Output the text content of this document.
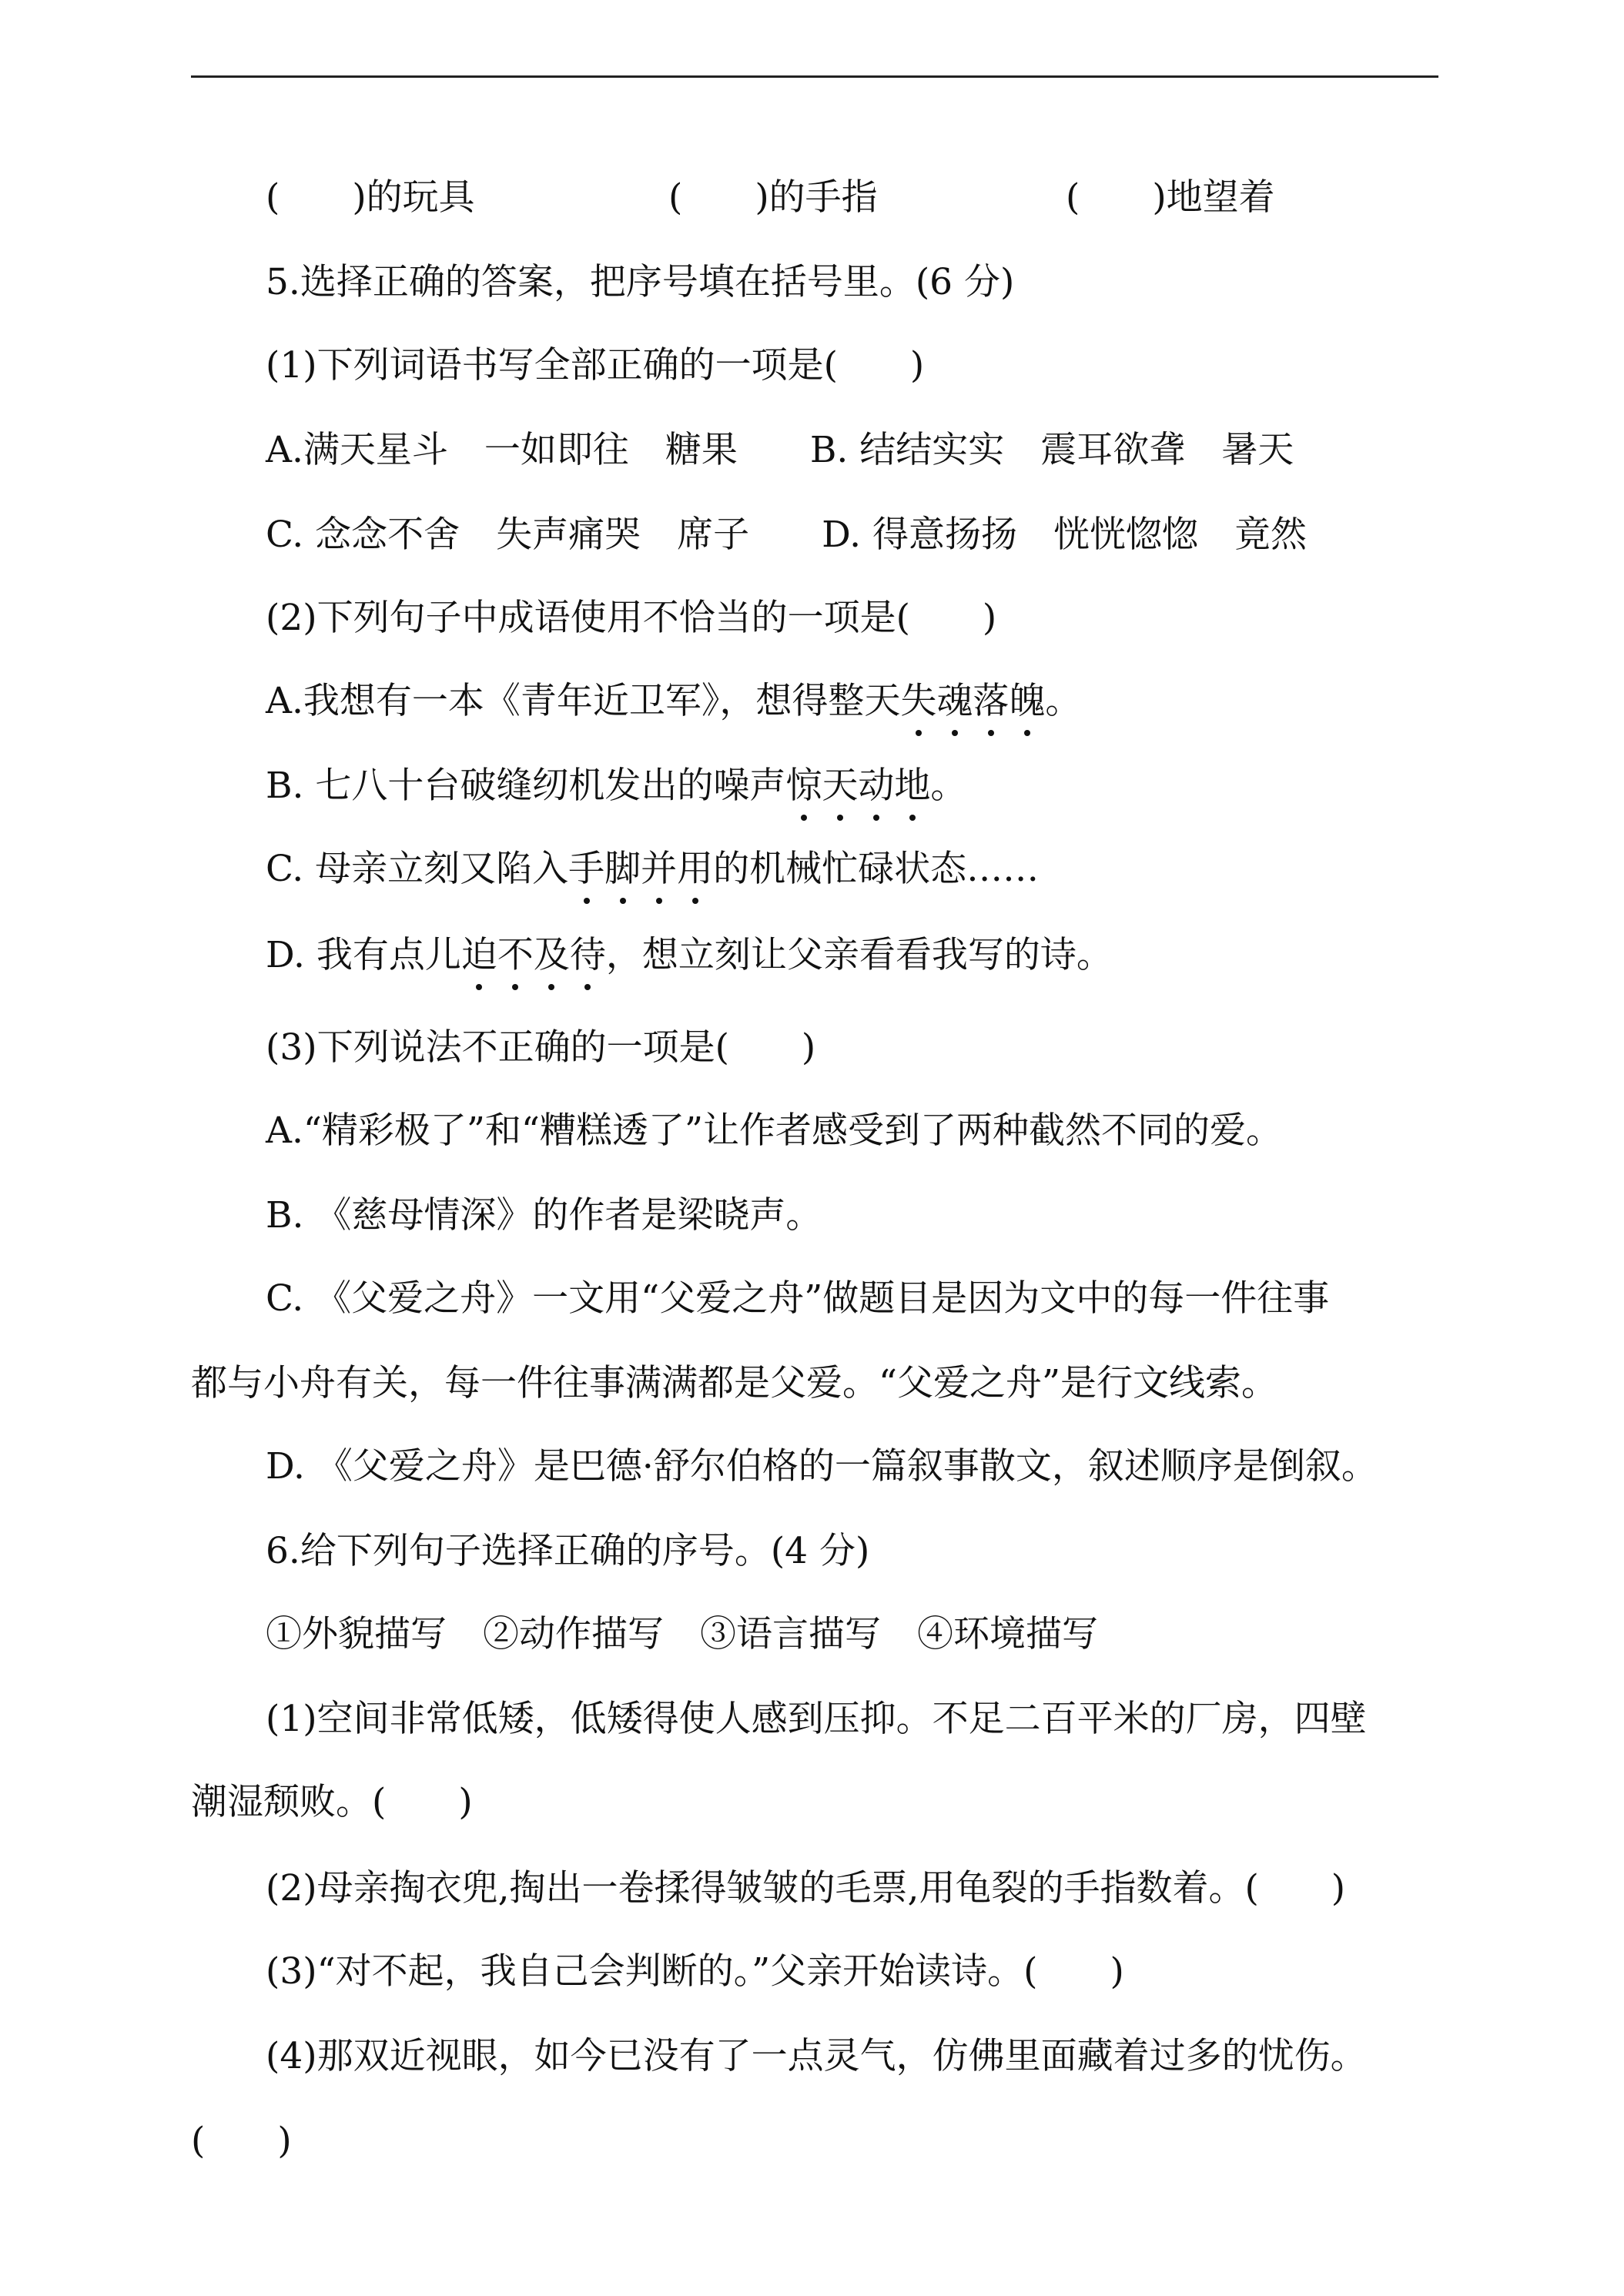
(　　)的玩具	(　　)的手指	(　　)地望着
5.选择正确的答案，把序号填在括号里。(6 分)
(1)下列词语书写全部正确的一项是(　　)
A.满天星斗　一如即往　糖果　　B. 结结实实　震耳欲聋　暑天
C. 念念不舍　失声痛哭　席子　　D. 得意扬扬　恍恍惚惚　竟然
(2)下列句子中成语使用不恰当的一项是(　　)
A.我想有一本《青年近卫军》，想得整天失魂落魄。
B. 七八十台破缝纫机发出的噪声惊天动地。
C. 母亲立刻又陷入手脚并用的机械忙碌状态……
D. 我有点儿迫不及待，想立刻让父亲看看我写的诗。
(3)下列说法不正确的一项是(　　)
A.“精彩极了”和“糟糕透了”让作者感受到了两种截然不同的爱。
B. 《慈母情深》的作者是梁晓声。
C. 《父爱之舟》一文用“父爱之舟”做题目是因为文中的每一件往事
都与小舟有关，每一件往事满满都是父爱。“父爱之舟”是行文线索。
D. 《父爱之舟》是巴德·舒尔伯格的一篇叙事散文，叙述顺序是倒叙。
6.给下列句子选择正确的序号。(4 分)
①外貌描写　②动作描写　③语言描写　④环境描写
(1)空间非常低矮，低矮得使人感到压抑。不足二百平米的厂房，四壁
潮湿颓败。(　　)
(2)母亲掏衣兜,掏出一卷揉得皱皱的毛票,用龟裂的手指数着。(　　)
(3)“对不起，我自己会判断的。”父亲开始读诗。(　　)
(4)那双近视眼，如今已没有了一点灵气，仿佛里面藏着过多的忧伤。
(　　)
